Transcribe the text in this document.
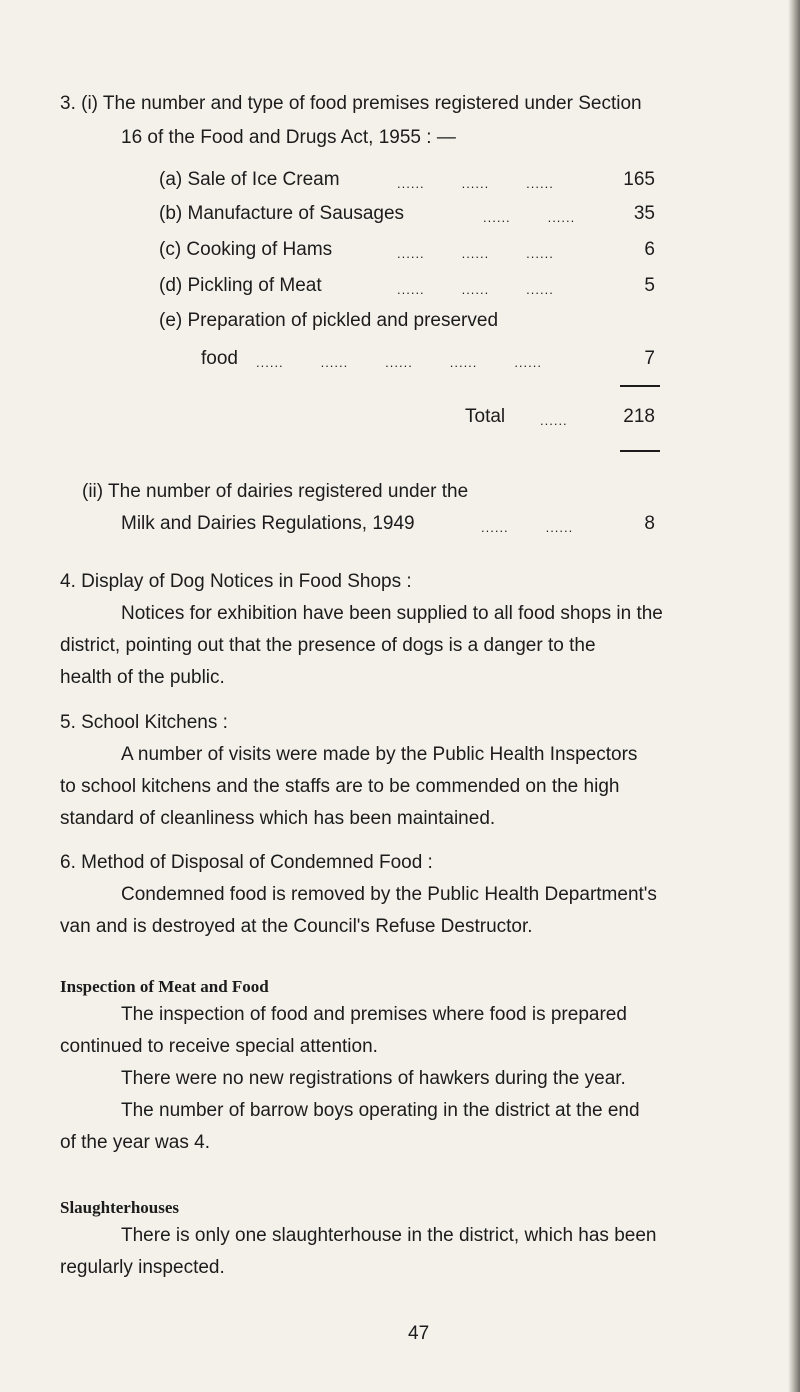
3. (i) The number and type of food premises registered under Section
16 of the Food and Drugs Act, 1955 : —
(a) Sale of Ice Cream	......	......	......	165
(b) Manufacture of Sausages	......	......	35
(c) Cooking of Hams	......	......	......	6
(d) Pickling of Meat	......	......	......	5
(e) Preparation of pickled and preserved
food ......	......	......	......	......	7
Total	......	218
(ii) The number of dairies registered under the
Milk and Dairies Regulations, 1949	......	......	8
4. Display of Dog Notices in Food Shops :
Notices for exhibition have been supplied to all food shops in the
district, pointing out that the presence of dogs is a danger to the
health of the public.
5. School Kitchens :
A number of visits were made by the Public Health Inspectors
to school kitchens and the staffs are to be commended on the high
standard of cleanliness which has been maintained.
6. Method of Disposal of Condemned Food :
Condemned food is removed by the Public Health Department's
van and is destroyed at the Council's Refuse Destructor.
Inspection of Meat and Food
The inspection of food and premises where food is prepared
continued to receive special attention.
There were no new registrations of hawkers during the year.
The number of barrow boys operating in the district at the end
of the year was 4.
Slaughterhouses
There is only one slaughterhouse in the district, which has been
regularly inspected.
47
